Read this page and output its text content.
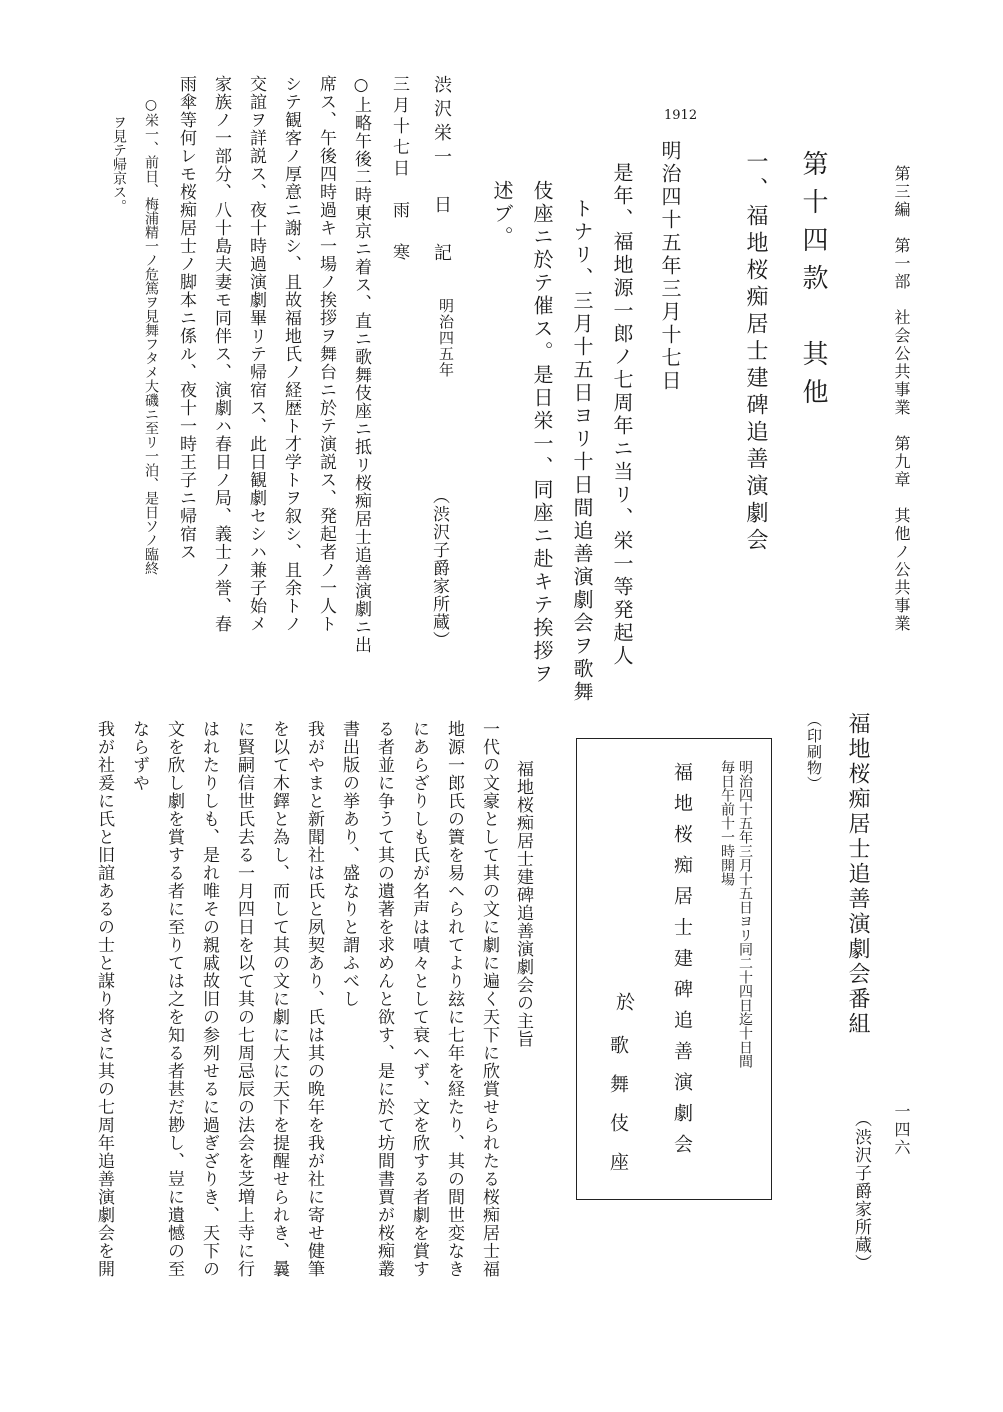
第三編　第一部　社会公共事業　第九章　其他ノ公共事業
一四六
第十四款　其他
一、福地桜痴居士建碑追善演劇会
1912
明治四十五年三月十七日
是年、福地源一郎ノ七周年ニ当リ、栄一等発起人
トナリ、三月十五日ヨリ十日間追善演劇会ヲ歌舞
伎座ニ於テ催ス。是日栄一、同座ニ赴キテ挨拶ヲ
述ブ。
渋沢栄一　日　記
明治四五年
（渋沢子爵家所蔵）
三月十七日　雨　寒
○上略午後二時東京ニ着ス、直ニ歌舞伎座ニ抵リ桜痴居士追善演劇ニ出
席ス、午後四時過キ一場ノ挨拶ヲ舞台ニ於テ演説ス、発起者ノ一人ト
シテ観客ノ厚意ニ謝シ、且故福地氏ノ経歴ト才学トヲ叙シ、且余トノ
交誼ヲ詳説ス、夜十時過演劇畢リテ帰宿ス、此日観劇セシハ兼子始メ
家族ノ一部分、八十島夫妻モ同伴ス、演劇ハ春日ノ局、義士ノ誉、春
雨傘等何レモ桜痴居士ノ脚本ニ係ル、夜十一時王子ニ帰宿ス
○栄一、前日、梅浦精一ノ危篤ヲ見舞フタメ大磯ニ至リ一泊、是日ソノ臨終
ヲ見テ帰京ス。
福地桜痴居士追善演劇会番組
（渋沢子爵家所蔵）
（印刷物）
明治四十五年三月十五日ヨリ同二十四日迄十日間
毎日午前十一時開場
福地桜痴居士建碑追善演劇会
於
歌舞伎座
福地桜痴居士建碑追善演劇会の主旨
一代の文豪として其の文に劇に遍く天下に欣賞せられたる桜痴居士福
地源一郎氏の簀を易へられてより玆に七年を経たり、其の間世変なき
にあらざりしも氏が名声は嘖々として衰へず、文を欣する者劇を賞す
る者並に争うて其の遺著を求めんと欲す、是に於て坊間書賈が桜痴叢
書出版の挙あり、盛なりと謂ふべし
我がやまと新聞社は氏と夙契あり、氏は其の晩年を我が社に寄せ健筆
を以て木鐸と為し、而して其の文に劇に大に天下を提醒せられき、曩
に賢嗣信世氏去る一月四日を以て其の七周忌辰の法会を芝増上寺に行
はれたりしも、是れ唯その親戚故旧の参列せるに過ぎざりき、天下の
文を欣し劇を賞する者に至りては之を知る者甚だ尠し、豈に遺憾の至
ならずや
我が社爰に氏と旧誼あるの士と謀り将さに其の七周年追善演劇会を開
